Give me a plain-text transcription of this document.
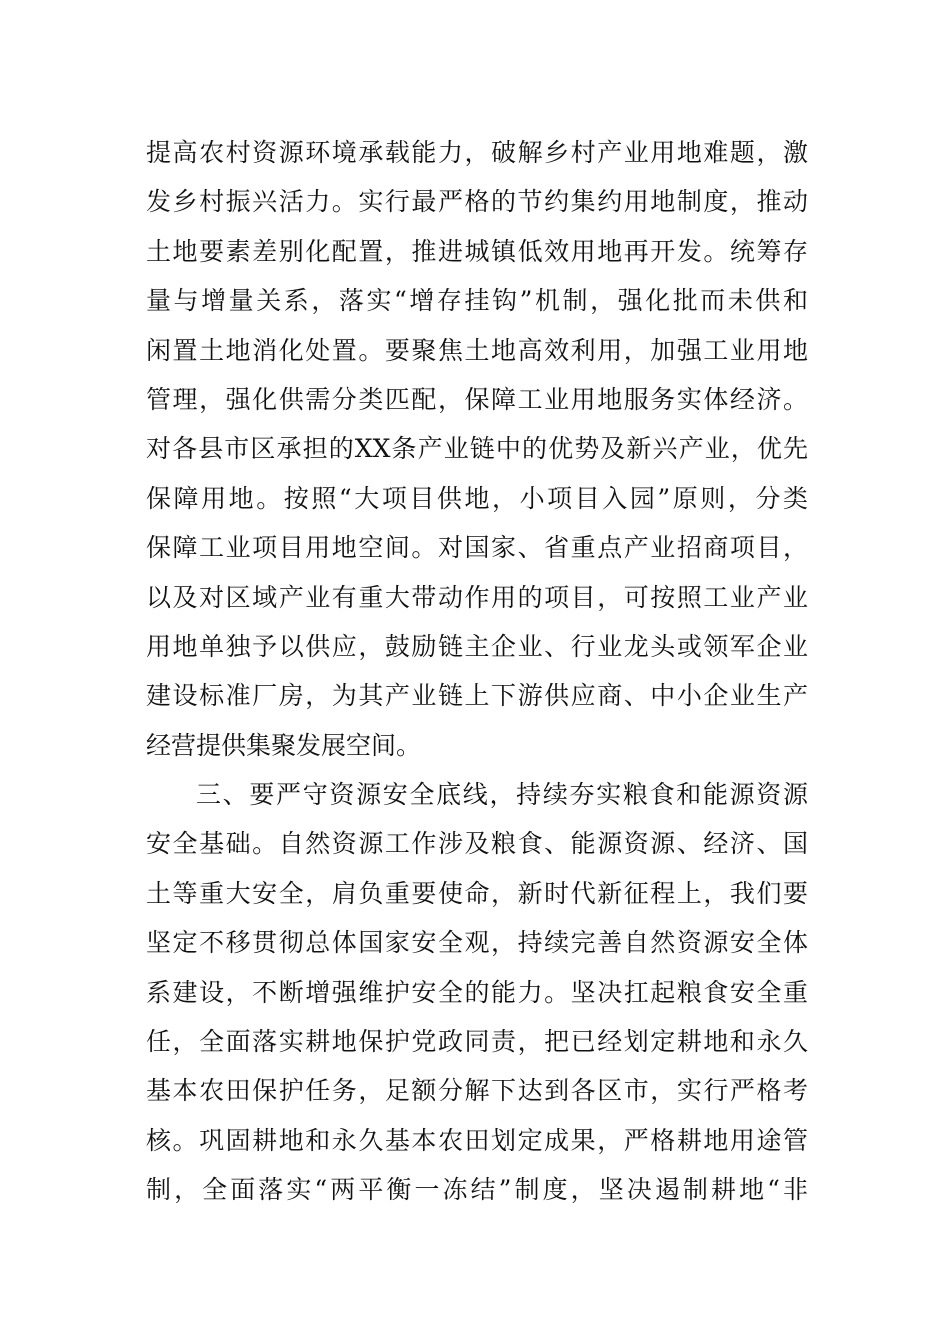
提高农村资源环境承载能力，破解乡村产业用地难题，激
发乡村振兴活力。实行最严格的节约集约用地制度，推动
土地要素差别化配置，推进城镇低效用地再开发。统筹存
量与增量关系，落实“增存挂钩”机制，强化批而未供和
闲置土地消化处置。要聚焦土地高效利用，加强工业用地
管理，强化供需分类匹配，保障工业用地服务实体经济。
对各县市区承担的XX条产业链中的优势及新兴产业，优先
保障用地。按照“大项目供地，小项目入园”原则，分类
保障工业项目用地空间。对国家、省重点产业招商项目，
以及对区域产业有重大带动作用的项目，可按照工业产业
用地单独予以供应，鼓励链主企业、行业龙头或领军企业
建设标准厂房，为其产业链上下游供应商、中小企业生产
经营提供集聚发展空间。
三、要严守资源安全底线，持续夯实粮食和能源资源
安全基础。自然资源工作涉及粮食、能源资源、经济、国
土等重大安全，肩负重要使命，新时代新征程上，我们要
坚定不移贯彻总体国家安全观，持续完善自然资源安全体
系建设，不断增强维护安全的能力。坚决扛起粮食安全重
任，全面落实耕地保护党政同责，把已经划定耕地和永久
基本农田保护任务，足额分解下达到各区市，实行严格考
核。巩固耕地和永久基本农田划定成果，严格耕地用途管
制，全面落实“两平衡一冻结”制度，坚决遏制耕地“非
